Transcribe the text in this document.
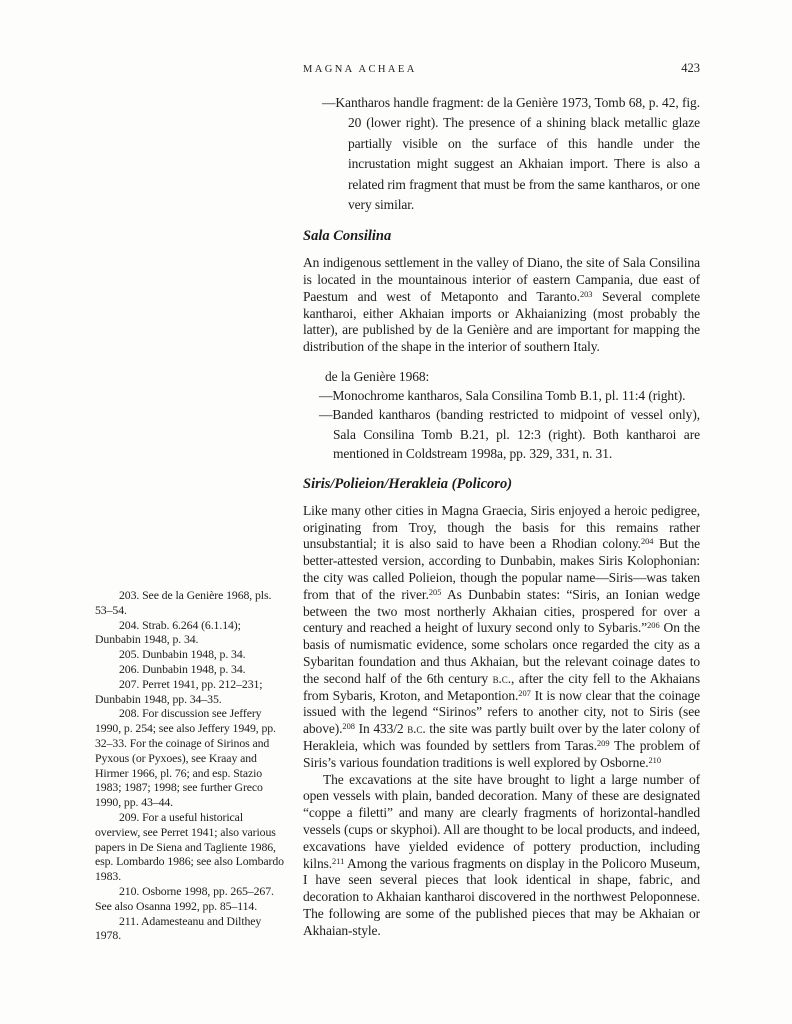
MAGNA ACHAEA	423

—Kantharos handle fragment: de la Genière 1973, Tomb 68, p. 42, fig. 20 (lower right). The presence of a shining black metallic glaze partially visible on the surface of this handle under the incrustation might suggest an Akhaian import. There is also a related rim fragment that must be from the same kantharos, or one very similar.

Sala Consilina

An indigenous settlement in the valley of Diano, the site of Sala Consilina is located in the mountainous interior of eastern Campania, due east of Paestum and west of Metaponto and Taranto.$^{203}$ Several complete kantharoi, either Akhaian imports or Akhaianizing (most probably the latter), are published by de la Genière and are important for mapping the distribution of the shape in the interior of southern Italy.

de la Genière 1968:

—Monochrome kantharos, Sala Consilina Tomb B.1, pl. 11:4 (right).

—Banded kantharos (banding restricted to midpoint of vessel only), Sala Consilina Tomb B.21, pl. 12:3 (right). Both kantharoi are mentioned in Coldstream 1998a, pp. 329, 331, n. 31.

Siris/Polieion/Herakleia (Policoro)

Like many other cities in Magna Graecia, Siris enjoyed a heroic pedigree, originating from Troy, though the basis for this remains rather unsubstantial; it is also said to have been a Rhodian colony.$^{204}$ But the better-attested version, according to Dunbabin, makes Siris Kolophonian: the city was called Polieion, though the popular name—Siris—was taken from that of the river.$^{205}$ As Dunbabin states: “Siris, an Ionian wedge between the two most northerly Akhaian cities, prospered for over a century and reached a height of luxury second only to Sybaris.”$^{206}$ On the basis of numismatic evidence, some scholars once regarded the city as a Sybaritan foundation and thus Akhaian, but the relevant coinage dates to the second half of the 6th century b.c., after the city fell to the Akhaians from Sybaris, Kroton, and Metapontion.$^{207}$ It is now clear that the coinage issued with the legend “Sirinos” refers to another city, not to Siris (see above).$^{208}$ In 433/2 b.c. the site was partly built over by the later colony of Herakleia, which was founded by settlers from Taras.$^{209}$ The problem of Siris’s various foundation traditions is well explored by Osborne.$^{210}$

The excavations at the site have brought to light a large number of open vessels with plain, banded decoration. Many of these are designated “coppe a filetti” and many are clearly fragments of horizontal-handled vessels (cups or skyphoi). All are thought to be local products, and indeed, excavations have yielded evidence of pottery production, including kilns.$^{211}$ Among the various fragments on display in the Policoro Museum, I have seen several pieces that look identical in shape, fabric, and decoration to Akhaian kantharoi discovered in the northwest Peloponnese. The following are some of the published pieces that may be Akhaian or Akhaian-style.

203. See de la Genière 1968, pls. 53–54.

204. Strab. 6.264 (6.1.14); Dunbabin 1948, p. 34.

205. Dunbabin 1948, p. 34.

206. Dunbabin 1948, p. 34.

207. Perret 1941, pp. 212–231; Dunbabin 1948, pp. 34–35.

208. For discussion see Jeffery 1990, p. 254; see also Jeffery 1949, pp. 32–33. For the coinage of Sirinos and Pyxous (or Pyxoes), see Kraay and Hirmer 1966, pl. 76; and esp. Stazio 1983; 1987; 1998; see further Greco 1990, pp. 43–44.

209. For a useful historical overview, see Perret 1941; also various papers in De Siena and Tagliente 1986, esp. Lombardo 1986; see also Lombardo 1983.

210. Osborne 1998, pp. 265–267. See also Osanna 1992, pp. 85–114.

211. Adamesteanu and Dilthey 1978.
